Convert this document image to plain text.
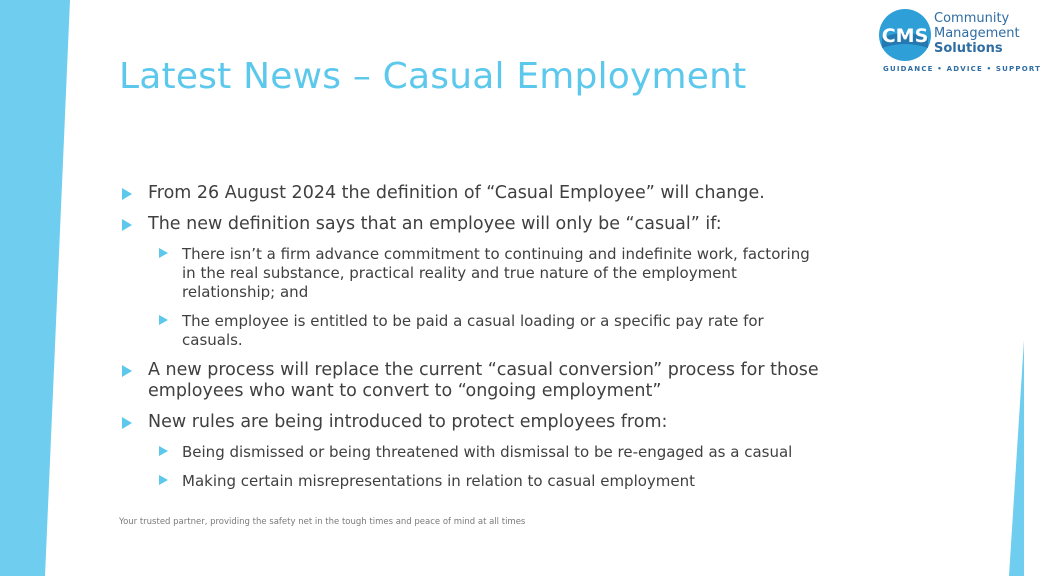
Latest News – Casual Employment
CMS
Community
Management
Solutions
GUIDANCE • ADVICE • SUPPORT
From 26 August 2024 the definition of “Casual Employee” will change.
The new definition says that an employee will only be “casual” if:
There isn’t a firm advance commitment to continuing and indefinite work, factoring in the real substance, practical reality and true nature of the employment relationship; and
The employee is entitled to be paid a casual loading or a specific pay rate for casuals.
A new process will replace the current “casual conversion” process for those employees who want to convert to “ongoing employment”
New rules are being introduced to protect employees from:
Being dismissed or being threatened with dismissal to be re-engaged as a casual
Making certain misrepresentations in relation to casual employment
Your trusted partner, providing the safety net in the tough times and peace of mind at all times
